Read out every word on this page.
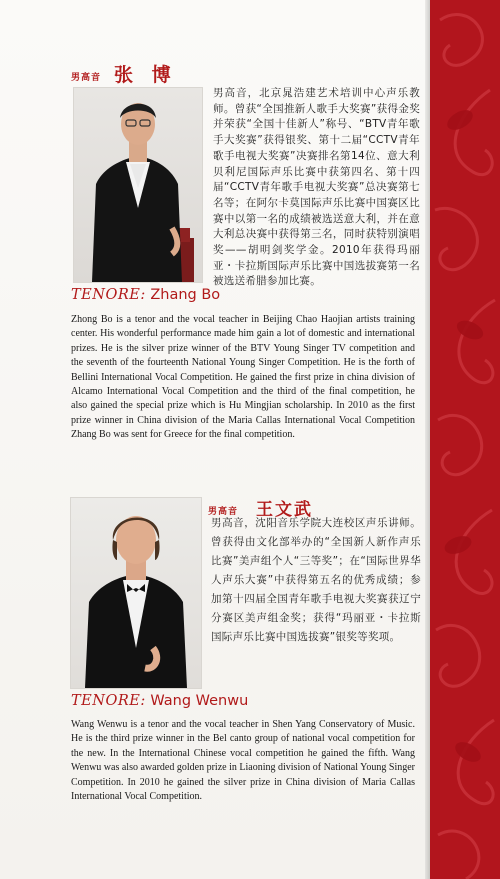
男高音 张 博
男高音，北京晁浩建艺术培训中心声乐教师。曾获“全国推新人歌手大奖赛”获得金奖并荣获“全国十佳新人”称号、“BTV青年歌手大奖赛”获得银奖、第十二届“CCTV青年歌手电视大奖赛”决赛排名第14位、意大利贝利尼国际声乐比赛中获第四名、第十四届“CCTV青年歌手电视大奖赛”总决赛第七名等；在阿尔卡莫国际声乐比赛中国赛区比赛中以第一名的成绩被选送意大利，并在意大利总决赛中获得第三名，同时获特别演唱奖——胡明剑奖学金。2010年获得玛丽亚・卡拉斯国际声乐比赛中国选拔赛第一名被选送希腊参加比赛。
TENORE: Zhang Bo
Zhong Bo is a tenor and the vocal teacher in Beijing Chao Haojian artists training center. His wonderful performance made him gain a lot of domestic and international prizes. He is the silver prize winner of the BTV Young Singer TV competition and the seventh of the fourteenth National Young Singer Competition. He is the forth of Bellini International Vocal Competition. He gained the first prize in china division of Alcamo International Vocal Competition and the third of the final competition, he also gained the special prize which is Hu Mingjian scholarship. In 2010 as the first prize winner in China division of the Maria Callas International Vocal Competition Zhang Bo was sent for Greece for the final competition.
男高音 王文武
男高音，沈阳音乐学院大连校区声乐讲师。曾获得由文化部举办的“全国新人新作声乐比赛”美声组个人“三等奖”；在“国际世界华人声乐大赛”中获得第五名的优秀成绩；参加第十四届全国青年歌手电视大奖赛获辽宁分赛区美声组金奖；获得“玛丽亚・卡拉斯国际声乐比赛中国选拔赛”银奖等奖项。
TENORE: Wang Wenwu
Wang Wenwu is a tenor and the vocal teacher in Shen Yang Conservatory of Music. He is the third prize winner in the Bel canto group of national vocal competition for the new. In the International Chinese vocal competition he gained the fifth. Wang Wenwu was also awarded golden prize in Liaoning division of National Young Singer Competition. In 2010 he gained the silver prize in China division of Maria Callas International Vocal Competition.
